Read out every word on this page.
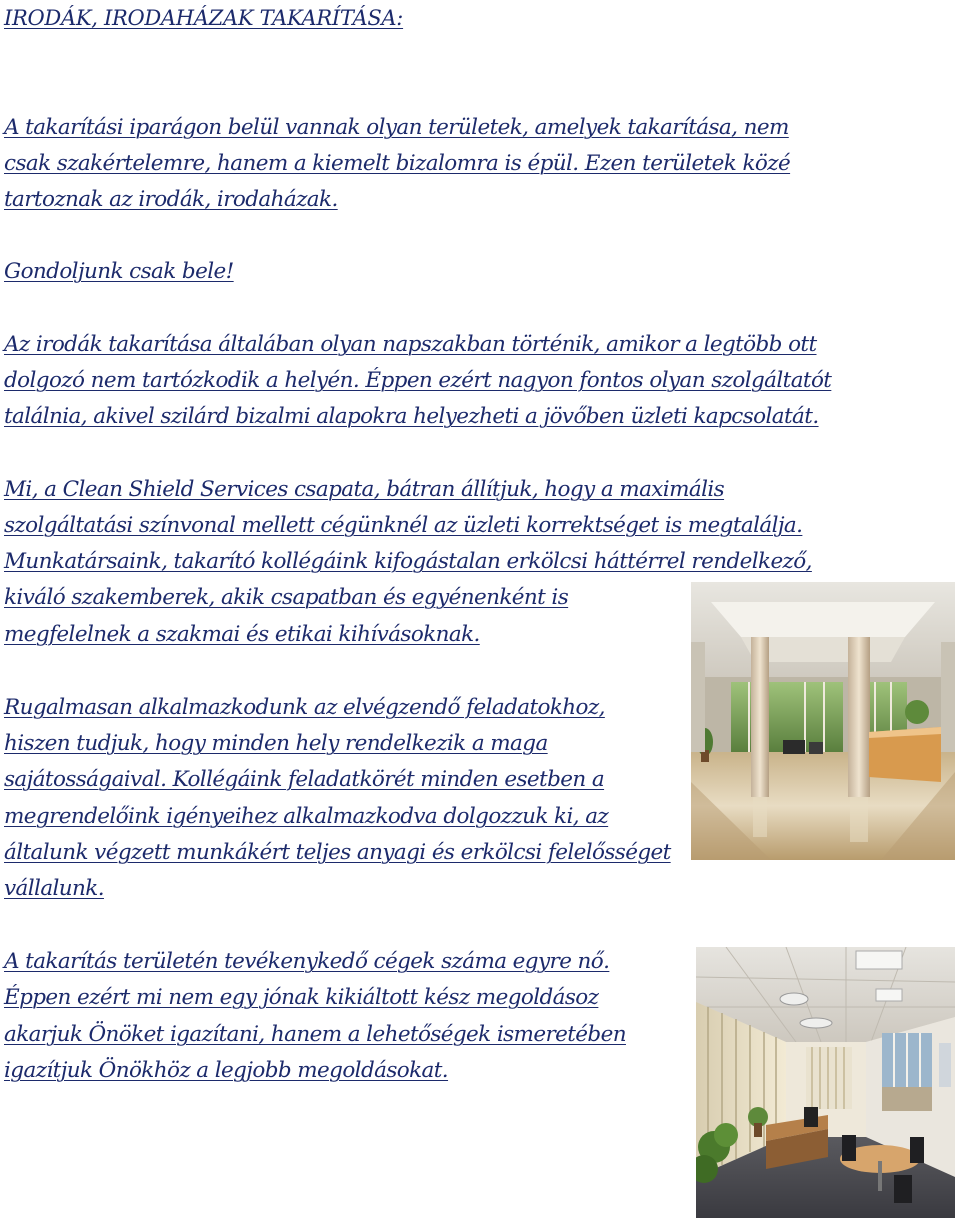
IRODÁK, IRODAHÁZAK TAKARÍTÁSA:
A takarítási iparágon belül vannak olyan területek, amelyek takarítása, nem
csak szakértelemre, hanem a kiemelt bizalomra is épül. Ezen területek közé
tartoznak az irodák, irodaházak.
Gondoljunk csak bele!
Az irodák takarítása általában olyan napszakban történik, amikor a legtöbb ott
dolgozó nem tartózkodik a helyén. Éppen ezért nagyon fontos olyan szolgáltatót
találnia, akivel szilárd bizalmi alapokra helyezheti a jövőben üzleti kapcsolatát.
Mi, a Clean Shield Services csapata, bátran állítjuk, hogy a maximális
szolgáltatási színvonal mellett cégünknél az üzleti korrektséget is megtalálja.
Munkatársaink, takarító kollégáink kifogástalan erkölcsi háttérrel rendelkező,
kiváló szakemberek, akik csapatban és egyénenként is
megfelelnek a szakmai és etikai kihívásoknak.
Rugalmasan alkalmazkodunk az elvégzendő feladatokhoz,
hiszen tudjuk, hogy minden hely rendelkezik a maga
sajátosságaival. Kollégáink feladatkörét minden esetben a
megrendelőink igényeihez alkalmazkodva dolgozzuk ki, az
általunk végzett munkákért teljes anyagi és erkölcsi felelősséget
vállalunk.
A takarítás területén tevékenykedő cégek száma egyre nő.
Éppen ezért mi nem egy jónak kikiáltott kész megoldásoz
akarjuk Önöket igazítani, hanem a lehetőségek ismeretében
igazítjuk Önökhöz a legjobb megoldásokat.
